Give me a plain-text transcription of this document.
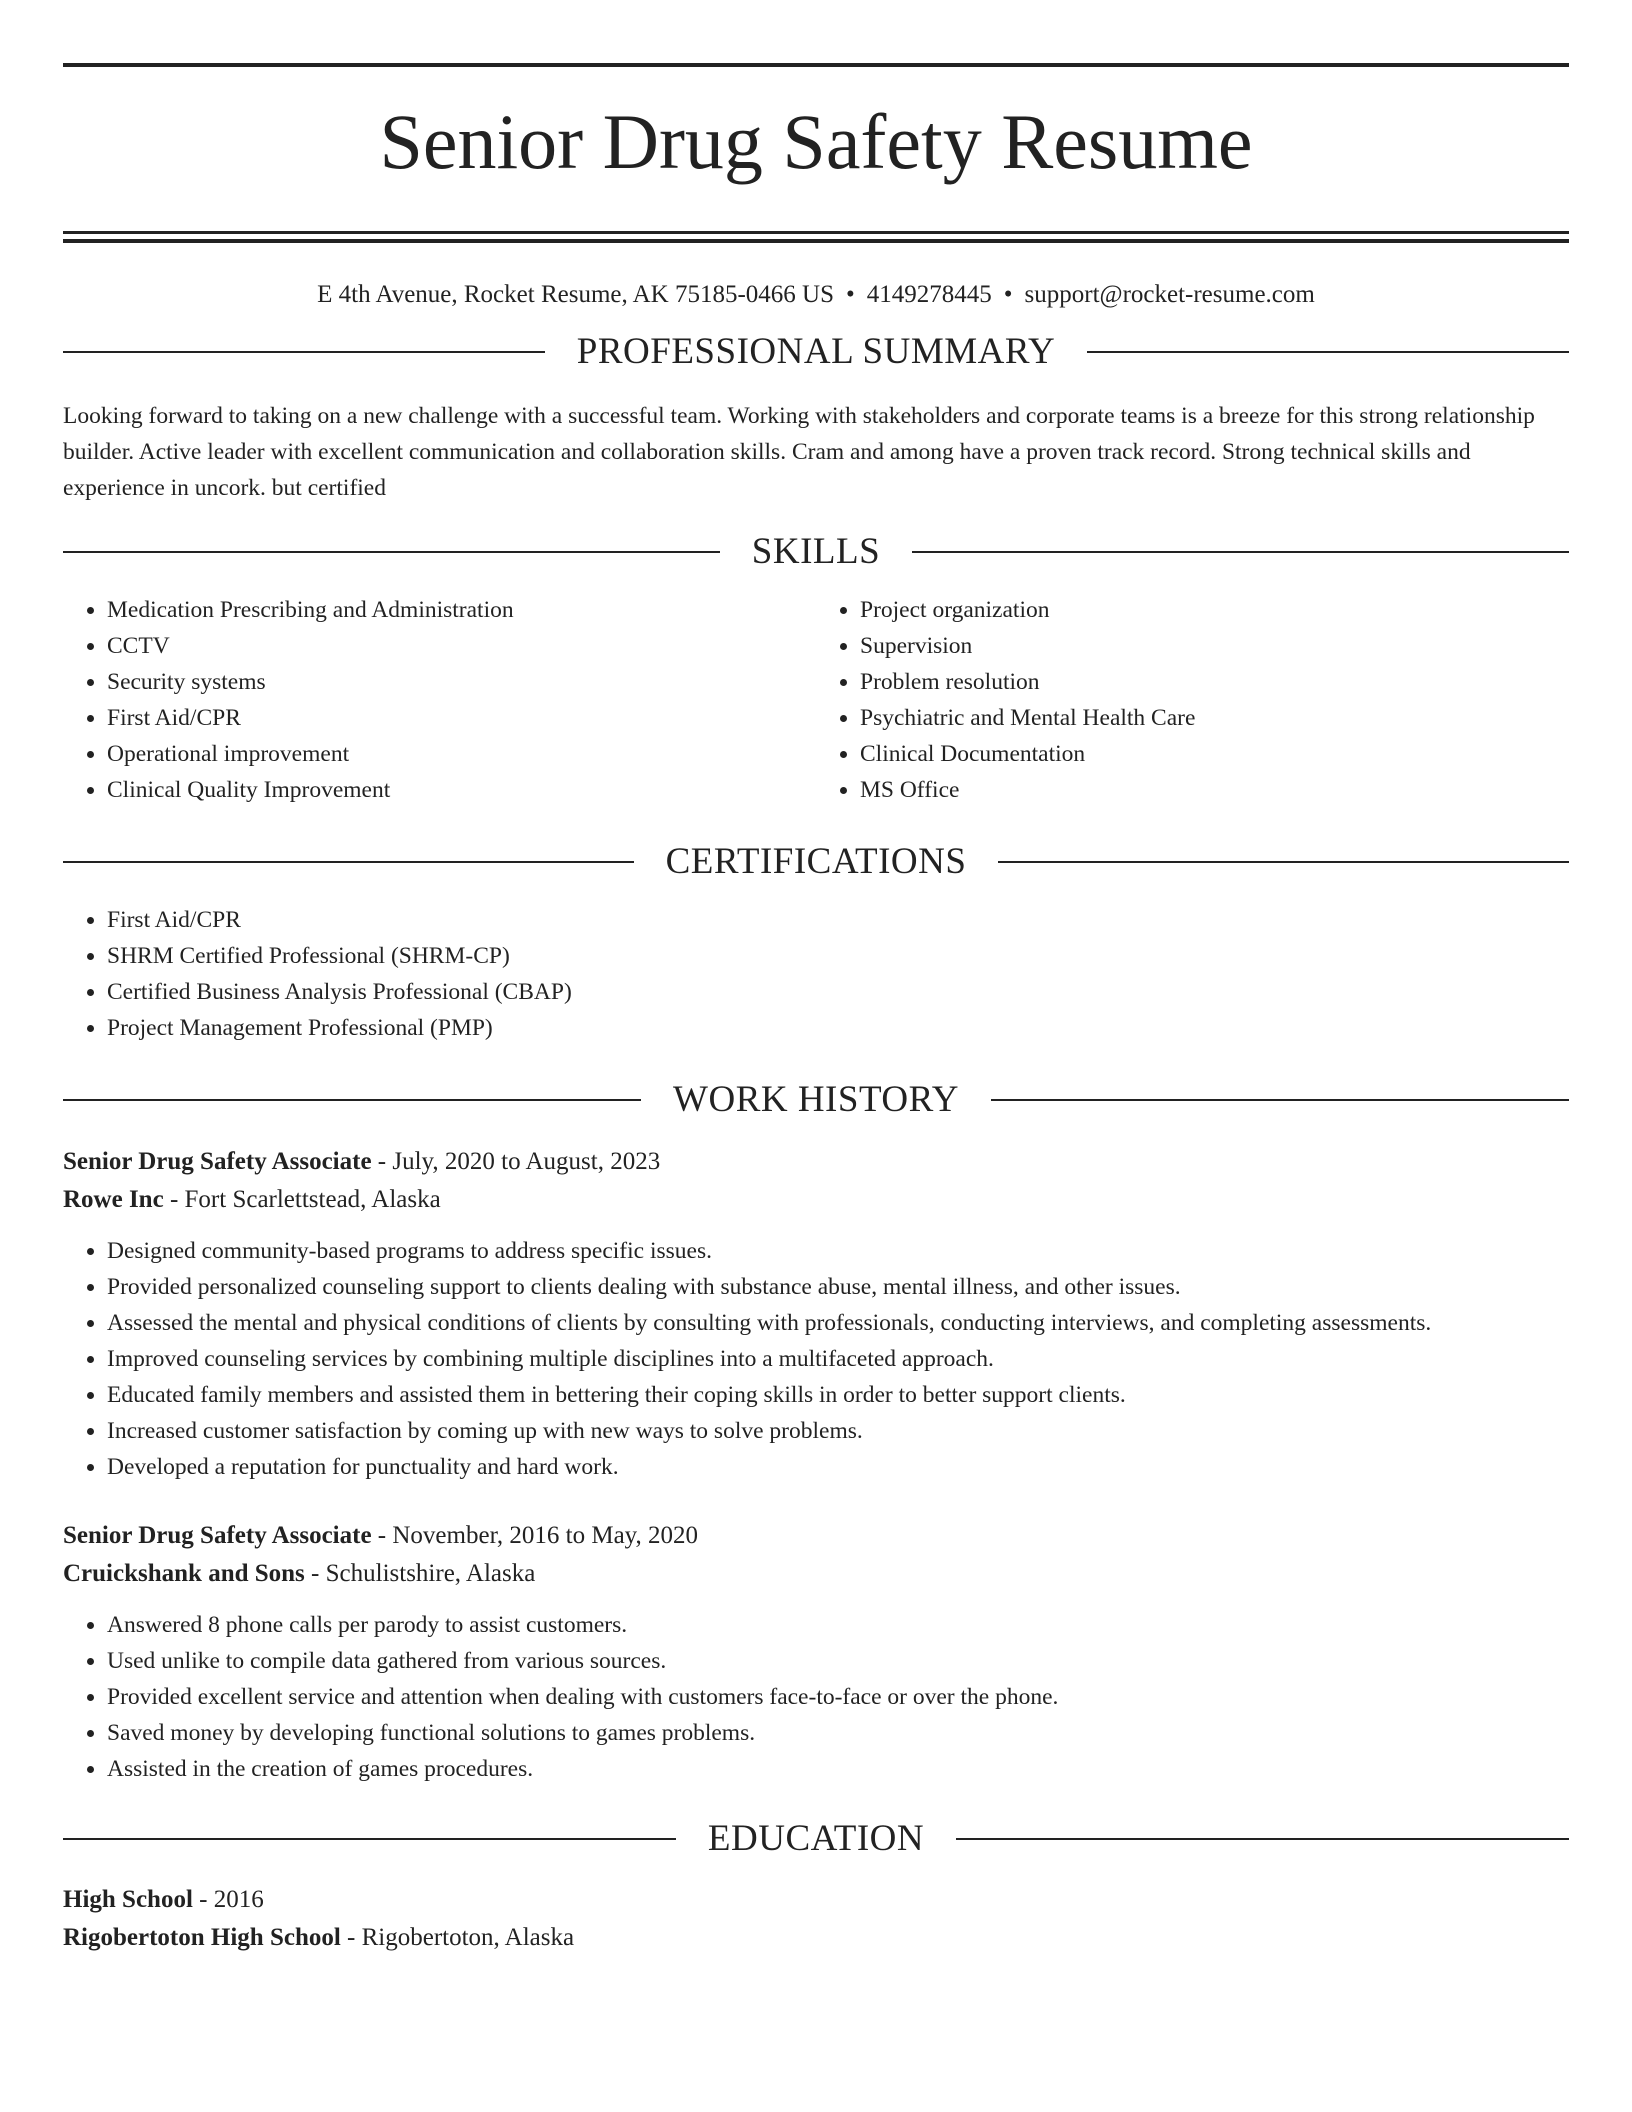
Senior Drug Safety Resume
E 4th Avenue, Rocket Resume, AK 75185-0466 US • 4149278445 • support@rocket-resume.com
PROFESSIONAL SUMMARY

Looking forward to taking on a new challenge with a successful team. Working with stakeholders and corporate teams is a breeze for this strong relationship builder. Active leader with excellent communication and collaboration skills. Cram and among have a proven track record. Strong technical skills and experience in uncork. but certified

SKILLS
• Medication Prescribing and Administration
• CCTV
• Security systems
• First Aid/CPR
• Operational improvement
• Clinical Quality Improvement
• Project organization
• Supervision
• Problem resolution
• Psychiatric and Mental Health Care
• Clinical Documentation
• MS Office
CERTIFICATIONS
• First Aid/CPR
• SHRM Certified Professional (SHRM-CP)
• Certified Business Analysis Professional (CBAP)
• Project Management Professional (PMP)
WORK HISTORY
Senior Drug Safety Associate - July, 2020 to August, 2023
Rowe Inc - Fort Scarlettstead, Alaska
• Designed community-based programs to address specific issues.
• Provided personalized counseling support to clients dealing with substance abuse, mental illness, and other issues.
• Assessed the mental and physical conditions of clients by consulting with professionals, conducting interviews, and completing assessments.
• Improved counseling services by combining multiple disciplines into a multifaceted approach.
• Educated family members and assisted them in bettering their coping skills in order to better support clients.
• Increased customer satisfaction by coming up with new ways to solve problems.
• Developed a reputation for punctuality and hard work.
Senior Drug Safety Associate - November, 2016 to May, 2020
Cruickshank and Sons - Schulistshire, Alaska
• Answered 8 phone calls per parody to assist customers.
• Used unlike to compile data gathered from various sources.
• Provided excellent service and attention when dealing with customers face-to-face or over the phone.
• Saved money by developing functional solutions to games problems.
• Assisted in the creation of games procedures.
EDUCATION
High School - 2016
Rigobertoton High School - Rigobertoton, Alaska
